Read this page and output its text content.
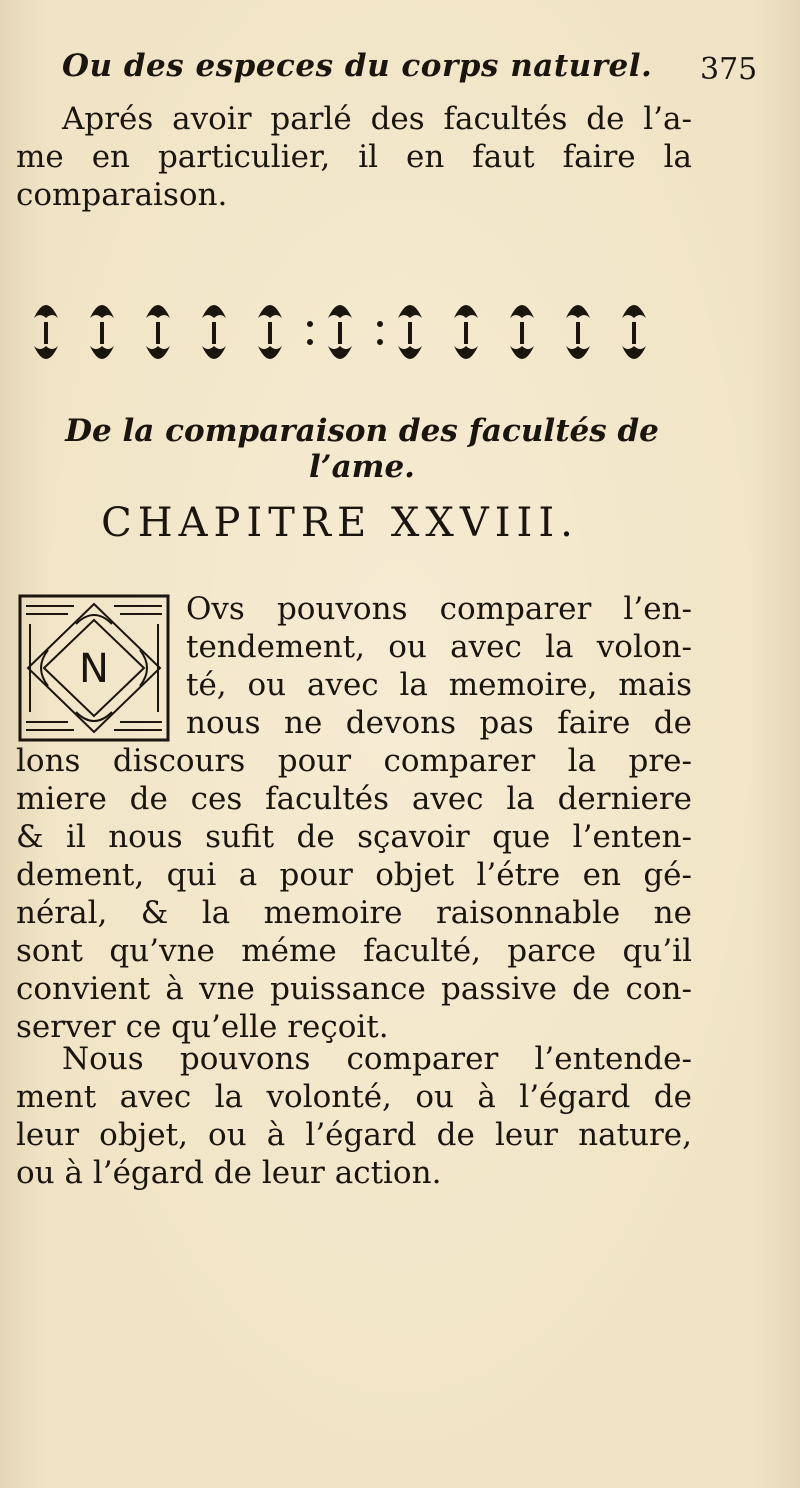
Ou des especes du corps naturel.	375
Aprés avoir parlé des facultés de l’a-
me en particulier, il en faut faire la
comparaison.
De la comparaison des facultés de l’ame.
CHAPITRE XXVIII.
N
Ovs pouvons comparer l’en-
tendement, ou avec la volon-
té, ou avec la memoire, mais
nous ne devons pas faire de
lons discours pour comparer la pre-
miere de ces facultés avec la derniere
& il nous sufit de sçavoir que l’enten-
dement, qui a pour objet l’étre en gé-
néral, & la memoire raisonnable ne
sont qu’vne méme faculté, parce qu’il
convient à vne puissance passive de con-
server ce qu’elle reçoit.
Nous pouvons comparer l’entende-
ment avec la volonté, ou à l’égard de
leur objet, ou à l’égard de leur nature,
ou à l’égard de leur action.
